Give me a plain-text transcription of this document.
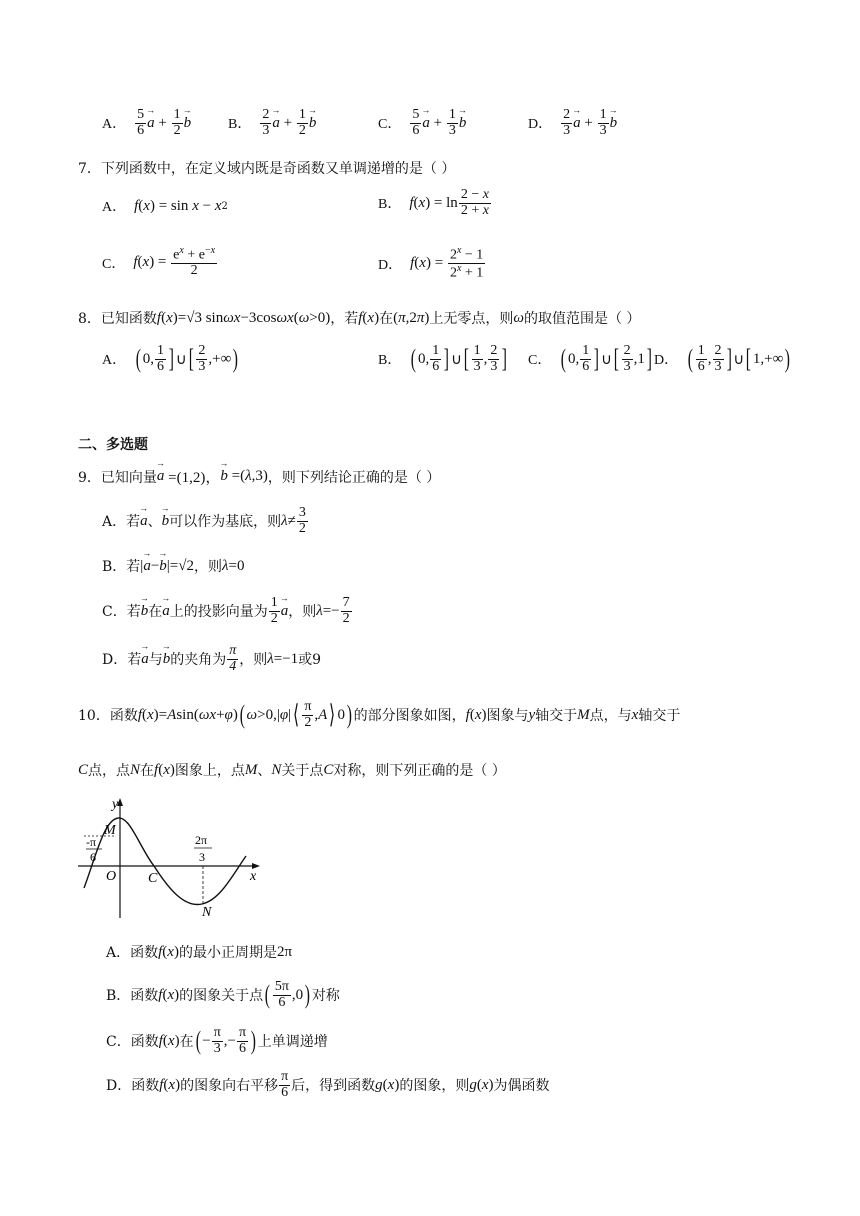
A． $\frac{5}{6}$ a → + $\frac{1}{2}$ b →	B． $\frac{2}{3}$ a → + $\frac{1}{2}$ b →	C． $\frac{5}{6}$ a → + $\frac{1}{3}$ b →	D． $\frac{2}{3}$ a → + $\frac{1}{3}$ b →
7．下列函数中，在定义域内既是奇函数又单调递增的是（ ）
A． f ( x ) = sin x − x 2	B． f ( x ) = $\ln \frac{2 - x}{2 + x}$
C． f ( x ) = $\frac{e^x + e^{-x}}{2}$	D． f ( x ) = $\frac{2^x - 1}{2^x + 1}$
8．已知函数 f ( x )=√3 sin ωx −3cos ωx ( ω >0) ，若 f ( x ) 在 ( π ,2 π ) 上无零点，则 ω 的取值范围是（ ）
A． ( 0, $\frac{1}{6}$ ] ∪ [ $\frac{2}{3}$ ,+∞ )	B． ( 0, $\frac{1}{6}$ ] ∪ [ $\frac{1}{3}$ , $\frac{2}{3}$ ] C． ( 0, $\frac{1}{6}$ ] ∪ [ $\frac{2}{3} ,1$ ] D． ( $\frac{1}{6}$ , $\frac{2}{3}$ ] ∪ [ 1,+∞ )
二、多选题
9．已知向量 a → =(1,2)， b → =( λ ,3) ，则下列结论正确的是（ ）
A．若 a → 、 b → 可以作为基底，则 $\lambda \ne \frac{3}{2}$
B．若 | a → − b → |=√2 ，则 λ =0
C．若 b → 在 a → 上的投影向量为 $\frac{1}{2}$ a → ，则 $\lambda =- \frac{7}{2}$
D．若 a → 与 b → 的夹角为 $\frac{\pi}{4}$ ，则 λ =−1 或9
10．函数 f ( x )= A sin( ωx + φ ) ( ω >0,| φ | ⟨ $\frac{\pi}{2}$ , A ⟩ 0 ) 的部分图象如图， f ( x ) 图象与 y 轴交于 M 点，与 x 轴交于
C 点，点 N 在 f ( x ) 图象上，点 M 、 N 关于点 C 对称，则下列正确的是（ ）
y
x
M
O C
N
-π
6
2π
3
A．函数 f ( x ) 的最小正周期是 2π
B．函数 f ( x ) 的图象关于点 ( $\frac{5\pi}{6} ,0$ ) 对称
C．函数 f ( x ) 在 ( − $\frac{\pi}{3}$ ,− $\frac{\pi}{6}$ ) 上单调递增
D．函数 f ( x ) 的图象向右平移 $\frac{\pi}{6}$ 后，得到函数 g ( x ) 的图象，则 g ( x ) 为偶函数
